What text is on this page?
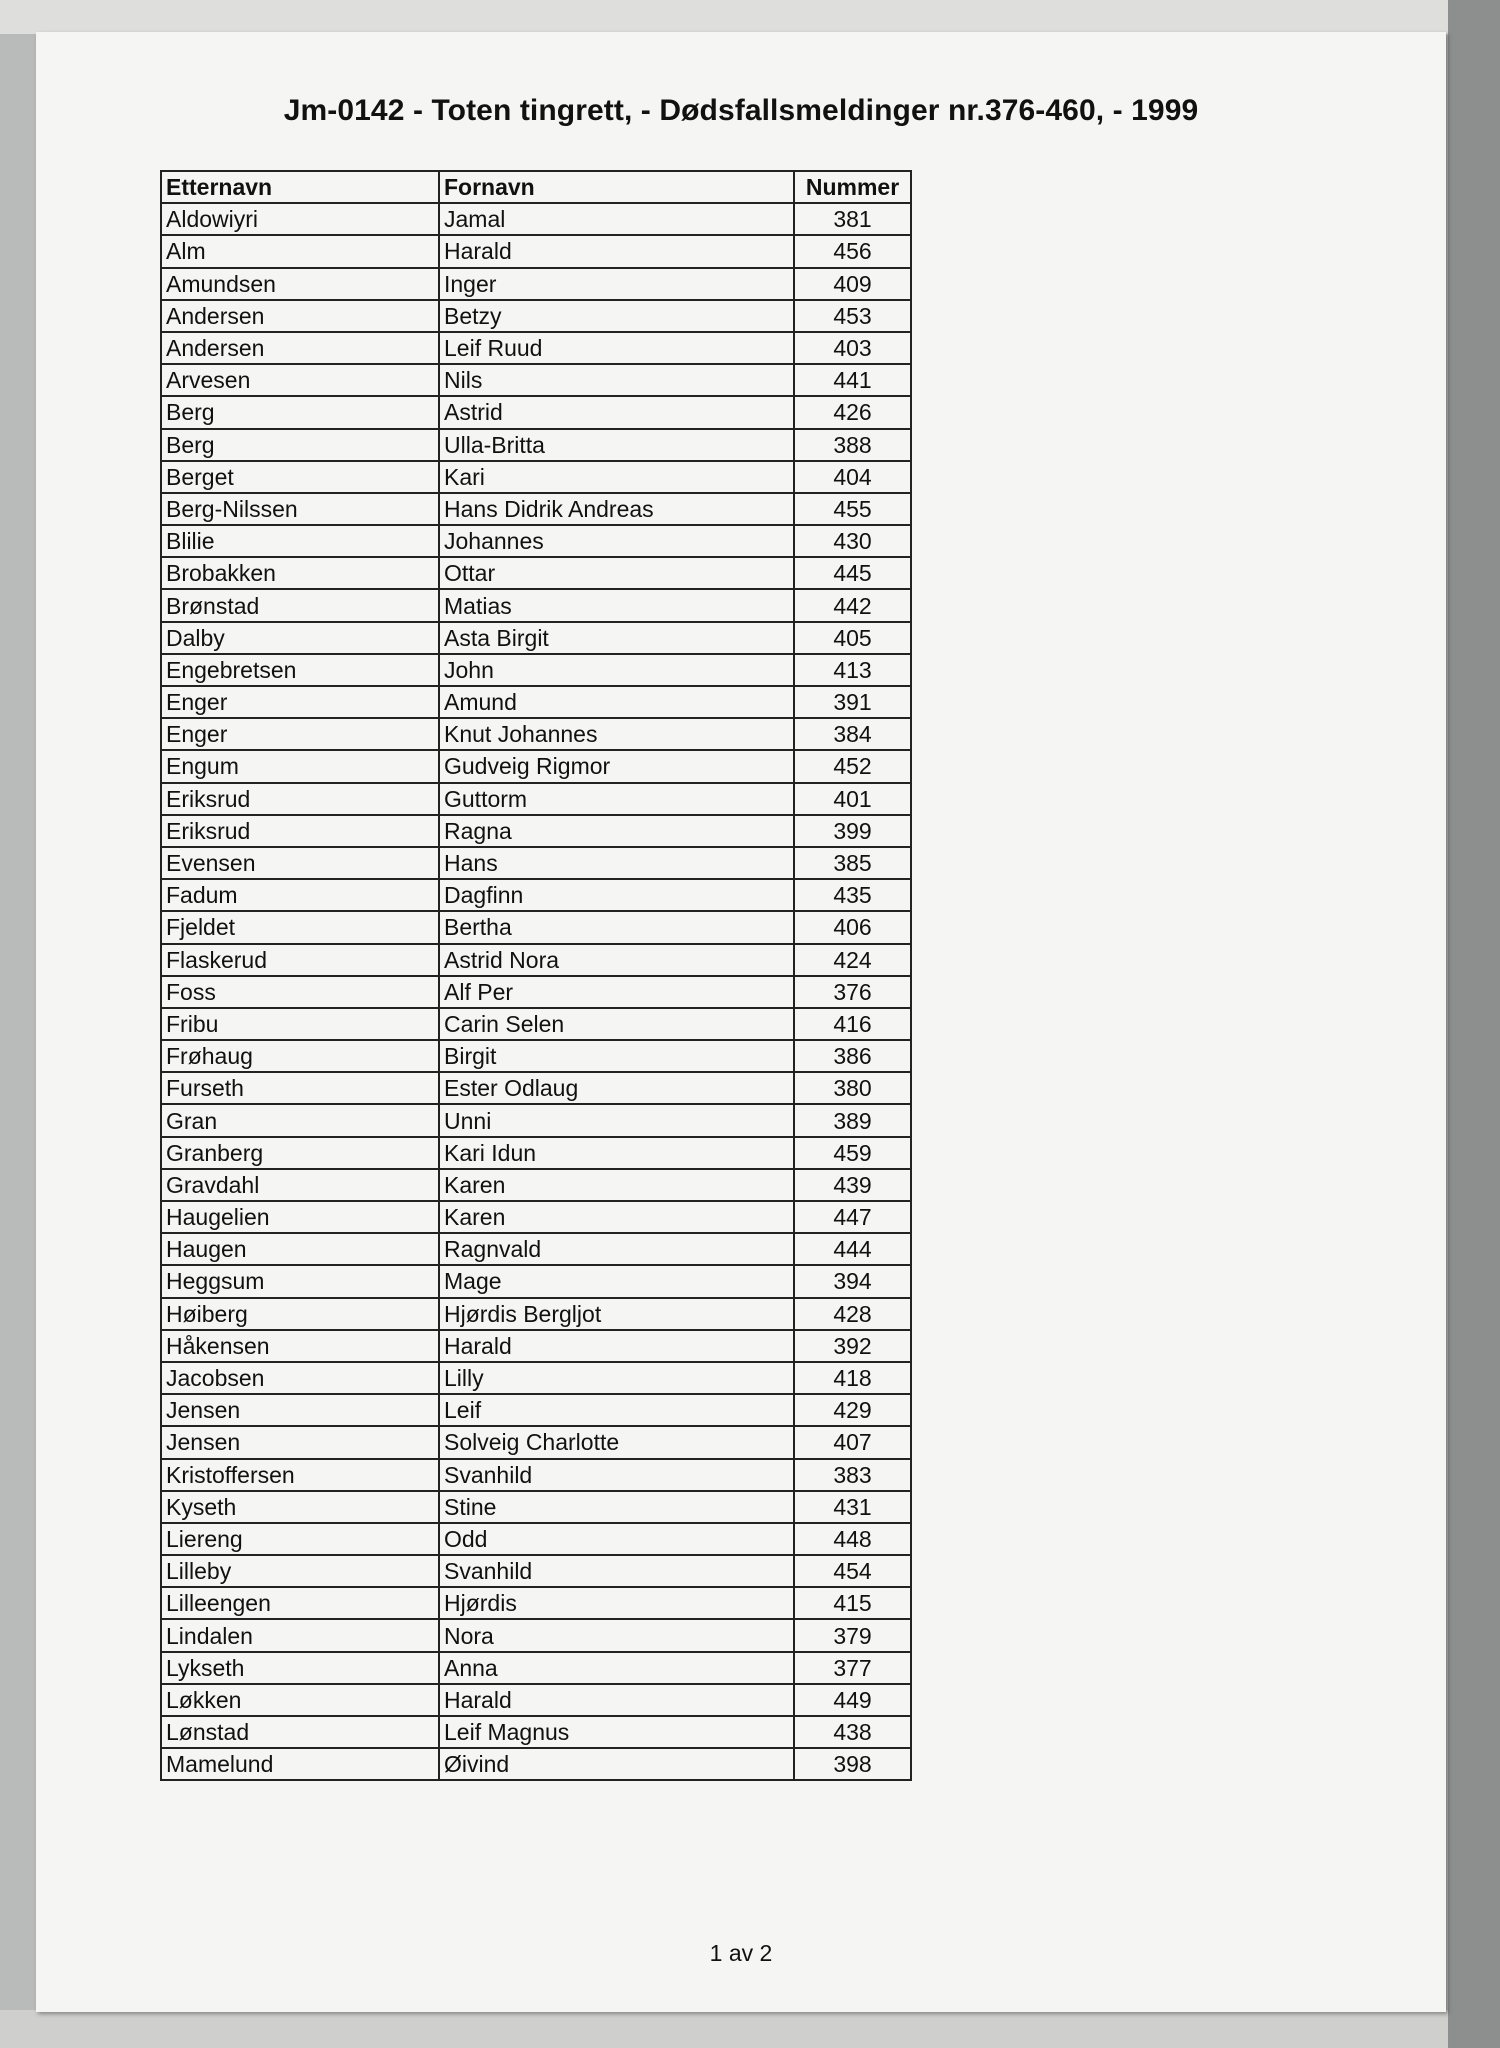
Jm-0142 - Toten tingrett, - Dødsfallsmeldinger nr.376-460, - 1999
Etternavn	Fornavn	Nummer
Aldowiyri	Jamal	381
Alm	Harald	456
Amundsen	Inger	409
Andersen	Betzy	453
Andersen	Leif Ruud	403
Arvesen	Nils	441
Berg	Astrid	426
Berg	Ulla-Britta	388
Berget	Kari	404
Berg-Nilssen	Hans Didrik Andreas	455
Blilie	Johannes	430
Brobakken	Ottar	445
Brønstad	Matias	442
Dalby	Asta Birgit	405
Engebretsen	John	413
Enger	Amund	391
Enger	Knut Johannes	384
Engum	Gudveig Rigmor	452
Eriksrud	Guttorm	401
Eriksrud	Ragna	399
Evensen	Hans	385
Fadum	Dagfinn	435
Fjeldet	Bertha	406
Flaskerud	Astrid Nora	424
Foss	Alf Per	376
Fribu	Carin Selen	416
Frøhaug	Birgit	386
Furseth	Ester Odlaug	380
Gran	Unni	389
Granberg	Kari Idun	459
Gravdahl	Karen	439
Haugelien	Karen	447
Haugen	Ragnvald	444
Heggsum	Mage	394
Høiberg	Hjørdis Bergljot	428
Håkensen	Harald	392
Jacobsen	Lilly	418
Jensen	Leif	429
Jensen	Solveig Charlotte	407
Kristoffersen	Svanhild	383
Kyseth	Stine	431
Liereng	Odd	448
Lilleby	Svanhild	454
Lilleengen	Hjørdis	415
Lindalen	Nora	379
Lykseth	Anna	377
Løkken	Harald	449
Lønstad	Leif Magnus	438
Mamelund	Øivind	398
1 av 2
